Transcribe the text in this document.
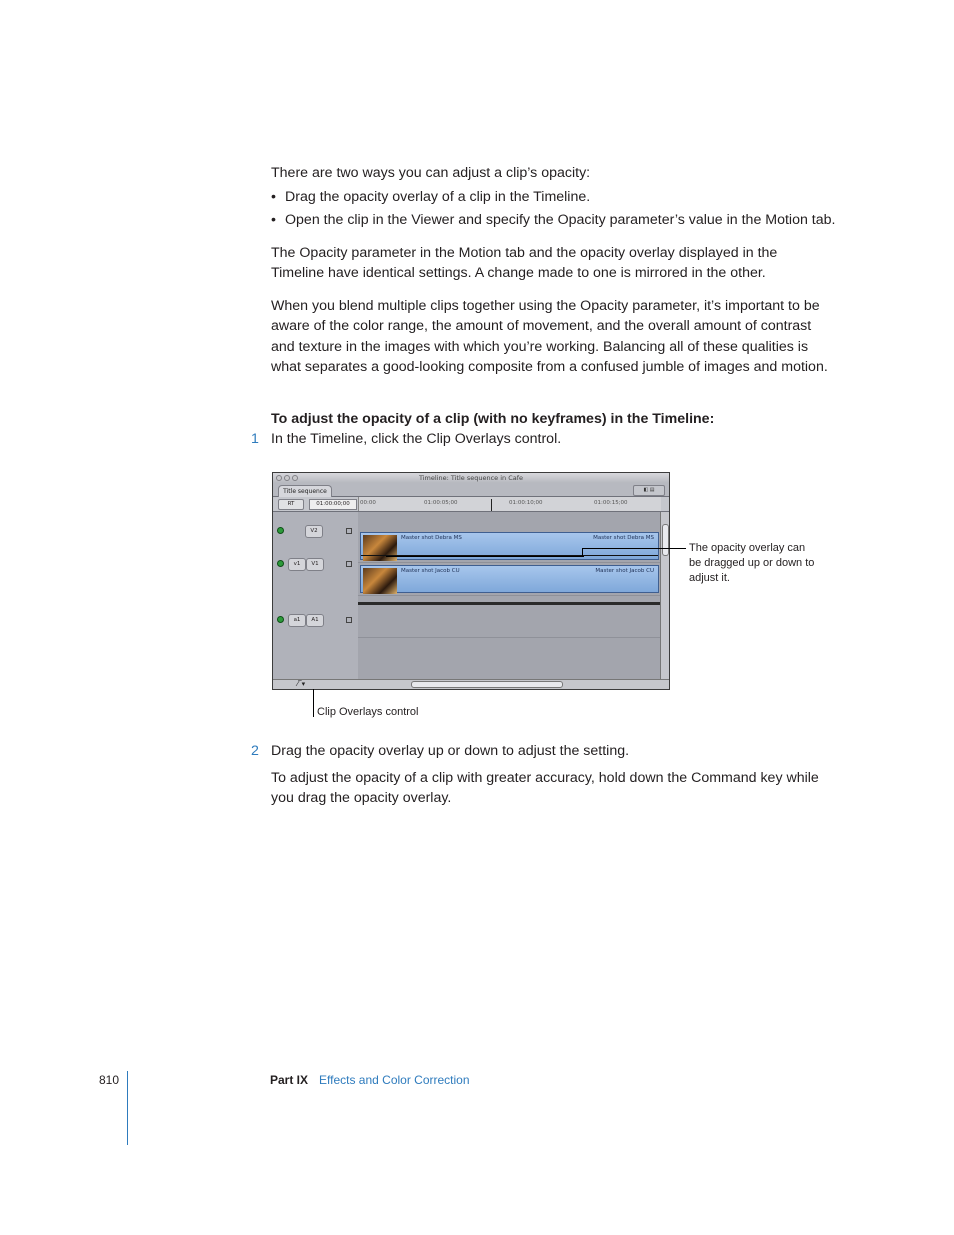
There are two ways you can adjust a clip’s opacity:

• Drag the opacity overlay of a clip in the Timeline.
• Open the clip in the Viewer and specify the Opacity parameter’s value in the Motion tab.

The Opacity parameter in the Motion tab and the opacity overlay displayed in the Timeline have identical settings. A change made to one is mirrored in the other.

When you blend multiple clips together using the Opacity parameter, it’s important to be aware of the color range, the amount of movement, and the overall amount of contrast and texture in the images with which you’re working. Balancing all of these qualities is what separates a good-looking composite from a confused jumble of images and motion.

To adjust the opacity of a clip (with no keyframes) in the Timeline:
1 In the Timeline, click the Clip Overlays control.
Timeline: Title sequence in Cafe
Title sequence	◧ ▤
RT	01:00:00;00	00:00	01:00:05;00	01:00:10;00	01:00:15;00
V2
v1	V1
a1	A1
Master shot Debra MS	Master shot Debra MS
Master shot Jacob CU	Master shot Jacob CU
⁄‾▾
The opacity overlay can be dragged up or down to adjust it.
Clip Overlays control
2 Drag the opacity overlay up or down to adjust the setting.

To adjust the opacity of a clip with greater accuracy, hold down the Command key while you drag the opacity overlay.

810	Part IX Effects and Color Correction
